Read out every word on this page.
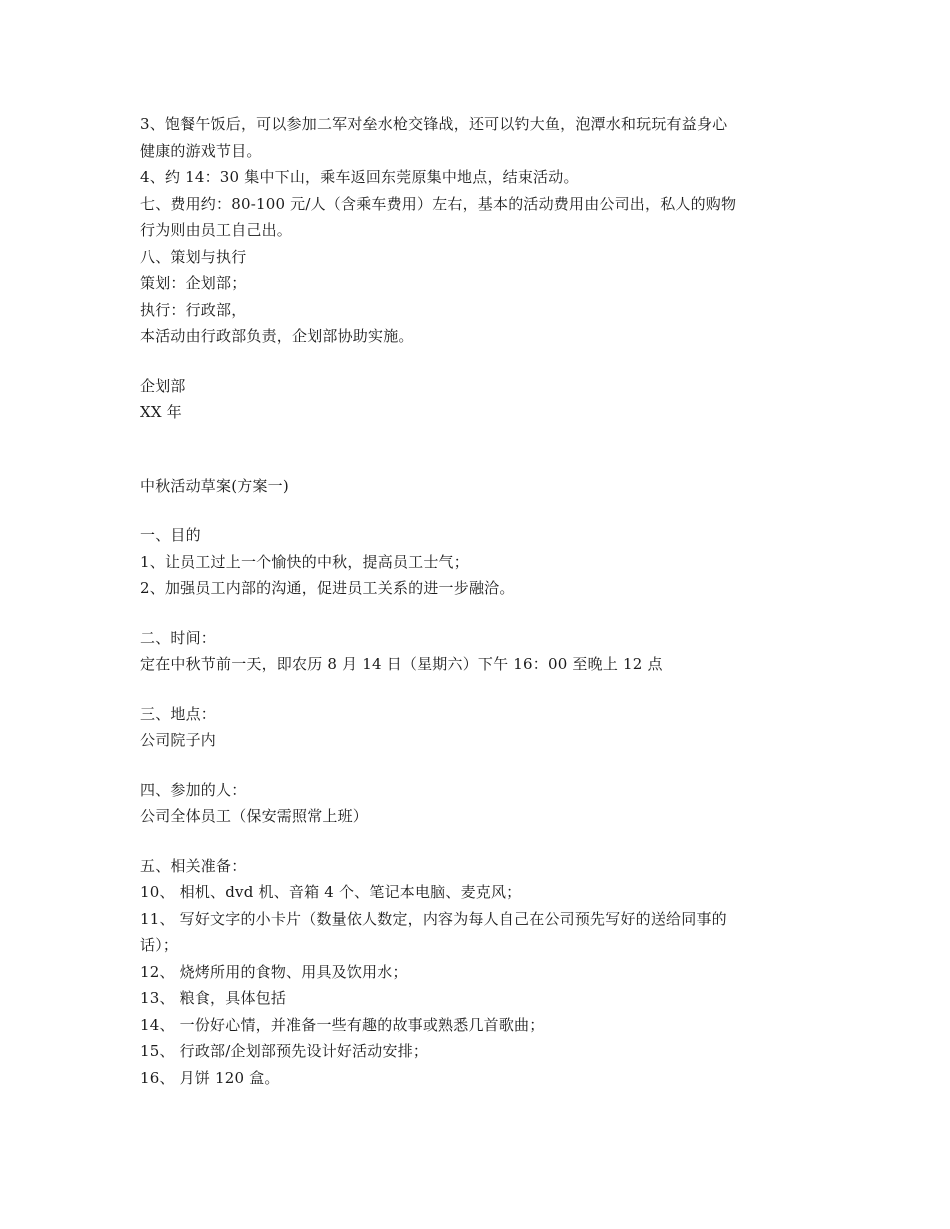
3、饱餐午饭后，可以参加二军对垒水枪交锋战，还可以钓大鱼，泡潭水和玩玩有益身心
健康的游戏节目。
4、约 14：30 集中下山，乘车返回东莞原集中地点，结束活动。
七、费用约：80-100 元/人（含乘车费用）左右，基本的活动费用由公司出，私人的购物
行为则由员工自己出。
八、策划与执行
策划：企划部；
执行：行政部，
本活动由行政部负责，企划部协助实施。
企划部
XX 年
中秋活动草案(方案一)
一、目的
1、让员工过上一个愉快的中秋，提高员工士气；
2、加强员工内部的沟通，促进员工关系的进一步融洽。
二、时间：
定在中秋节前一天，即农历 8 月 14 日（星期六）下午 16：00 至晚上 12 点
三、地点：
公司院子内
四、参加的人：
公司全体员工（保安需照常上班）
五、相关准备：
10、 相机、dvd 机、音箱 4 个、笔记本电脑、麦克风；
11、 写好文字的小卡片（数量依人数定，内容为每人自己在公司预先写好的送给同事的
话）；
12、 烧烤所用的食物、用具及饮用水；
13、 粮食，具体包括
14、 一份好心情，并准备一些有趣的故事或熟悉几首歌曲；
15、 行政部/企划部预先设计好活动安排；
16、 月饼 120 盒。
